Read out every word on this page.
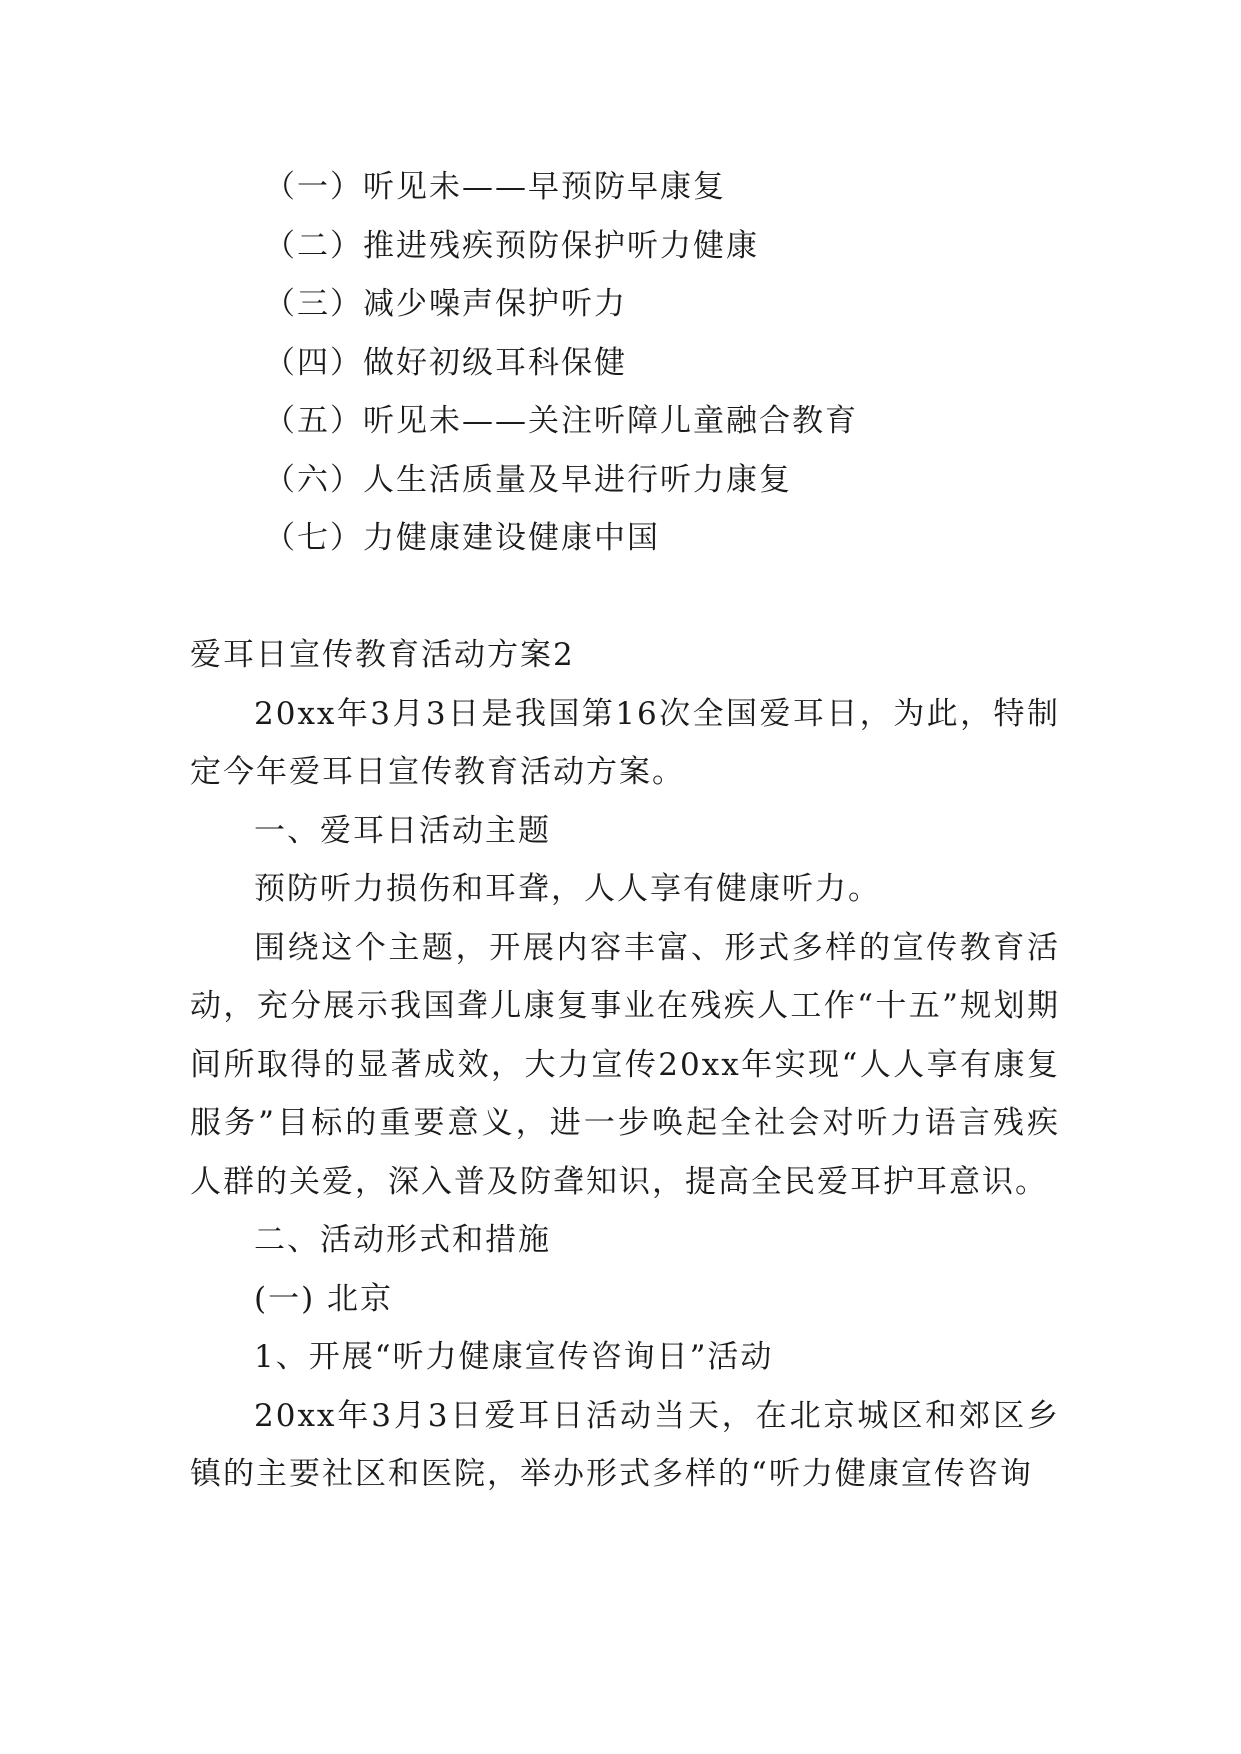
（一）听见未——早预防早康复
（二）推进残疾预防保护听力健康
（三）减少噪声保护听力
（四）做好初级耳科保健
（五）听见未——关注听障儿童融合教育
（六）人生活质量及早进行听力康复
（七）力健康建设健康中国
爱耳日宣传教育活动方案2

20xx年3月3日是我国第16次全国爱耳日，为此，特制定今年爱耳日宣传教育活动方案。

一、爱耳日活动主题
预防听力损伤和耳聋，人人享有健康听力。

围绕这个主题，开展内容丰富、形式多样的宣传教育活动，充分展示我国聋儿康复事业在残疾人工作“十五”规划期间所取得的显著成效，大力宣传20xx年实现“人人享有康复服务”目标的重要意义，进一步唤起全社会对听力语言残疾人群的关爱，深入普及防聋知识，提高全民爱耳护耳意识。

二、活动形式和措施
(一) 北京
1、开展“听力健康宣传咨询日”活动

20xx年3月3日爱耳日活动当天，在北京城区和郊区乡镇的主要社区和医院，举办形式多样的“听力健康宣传咨询
